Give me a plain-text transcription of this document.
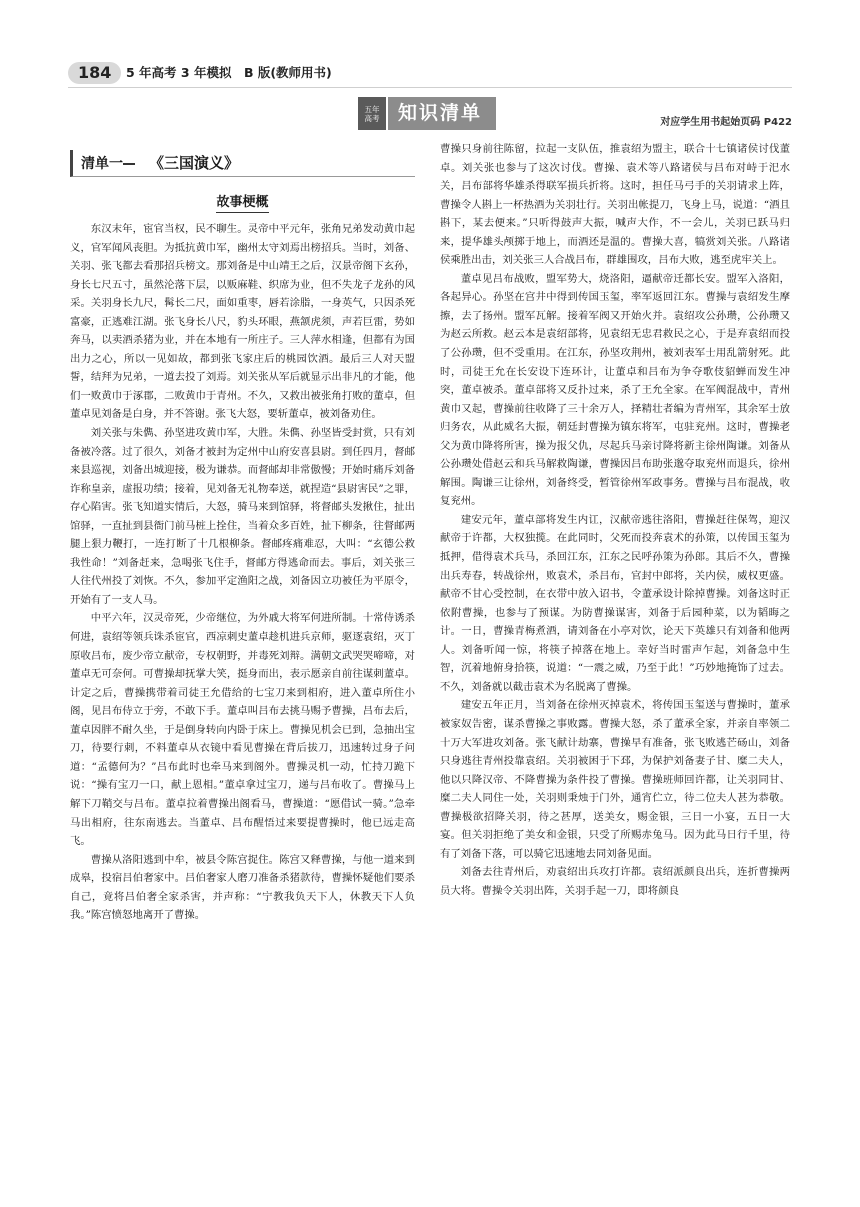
184	5 年高考 3 年模拟　B 版(教师用书)
五年
高考 知识清单	对应学生用书起始页码 P422
清单一 《三国演义》
故事梗概

东汉末年，宦官当权，民不聊生。灵帝中平元年，张角兄弟发动黄巾起义，官军闻风丧胆。为抵抗黄巾军，幽州太守刘焉出榜招兵。当时，刘备、关羽、张飞都去看那招兵榜文。那刘备是中山靖王之后，汉景帝阁下玄孙，身长七尺五寸，虽然沦落下层，以贩麻鞋、织席为业，但不失龙子龙孙的风采。关羽身长九尺，髯长二尺，面如重枣，唇若涂脂，一身英气，只因杀死富豪，正逃难江湖。张飞身长八尺，豹头环眼，燕颔虎须，声若巨雷，势如奔马，以卖酒杀猪为业，并在本地有一所庄子。三人萍水相逢，但都有为国出力之心，所以一见如故，都到张飞家庄后的桃园饮酒。最后三人对天盟誓，结拜为兄弟，一道去投了刘焉。刘关张从军后就显示出非凡的才能，他们一败黄巾于涿郡，二败黄巾于青州。不久，又救出被张角打败的董卓，但董卓见刘备是白身，并不答谢。张飞大怒，要斩董卓，被刘备劝住。

刘关张与朱儁、孙坚进攻黄巾军，大胜。朱儁、孙坚皆受封赏，只有刘备被冷落。过了很久，刘备才被封为定州中山府安喜县尉。到任四月，督邮来县巡视，刘备出城迎接，极为谦恭。而督邮却非常傲慢；开始时痛斥刘备诈称皇亲，虚报功绩；接着，见刘备无礼物奉送，就捏造“县尉害民”之罪，存心陷害。张飞知道实情后，大怒，骑马来到馆驿，将督邮头发揪住，扯出馆驿，一直扯到县衙门前马桩上拴住，当着众多百姓，扯下柳条，往督邮两腿上狠力鞭打，一连打断了十几根柳条。督邮疼痛难忍，大叫：“玄德公救我性命！”刘备赶来，急喝张飞住手，督邮方得逃命而去。事后，刘关张三人往代州投了刘恢。不久，参加平定渔阳之战，刘备因立功被任为平原令，开始有了一支人马。

中平六年，汉灵帝死，少帝继位，为外戚大将军何进所制。十常侍诱杀何进，袁绍等领兵诛杀宦官，西凉刺史董卓趁机进兵京师，驱逐袁绍，灭丁原收吕布，废少帝立献帝，专权朝野，并毒死刘辩。满朝文武哭哭啼啼，对董卓无可奈何。可曹操却抚掌大笑，挺身而出，表示愿亲自前往谋刺董卓。计定之后，曹操携带着司徒王允借给的七宝刀来到相府，进入董卓所住小阁，见吕布侍立于旁，不敢下手。董卓叫吕布去挑马赐予曹操，吕布去后，董卓因胖不耐久坐，于是倒身转向内卧于床上。曹操见机会已到，急抽出宝刀，待要行刺，不料董卓从衣镜中看见曹操在背后拔刀，迅速转过身子问道：“孟德何为？”吕布此时也牵马来到阁外。曹操灵机一动，忙持刀跪下说：“操有宝刀一口，献上恩相。”董卓拿过宝刀，递与吕布收了。曹操马上解下刀鞘交与吕布。董卓拉着曹操出阁看马，曹操道：“愿借试一骑。”急牵马出相府，往东南逃去。当董卓、吕布醒悟过来要提曹操时，他已远走高飞。

曹操从洛阳逃到中牟，被县令陈宫捉住。陈宫又释曹操，与他一道来到成皋，投宿吕伯奢家中。吕伯奢家人磨刀准备杀猪款待，曹操怀疑他们要杀自己，竟将吕伯奢全家杀害，并声称：“宁教我负天下人，休教天下人负我。”陈宫愤怒地离开了曹操。

曹操只身前往陈留，拉起一支队伍，推袁绍为盟主，联合十七镇诸侯讨伐董卓。刘关张也参与了这次讨伐。曹操、袁术等八路诸侯与吕布对峙于汜水关，吕布部将华雄杀得联军损兵折将。这时，担任马弓手的关羽请求上阵，曹操令人斟上一杯热酒为关羽壮行。关羽出帐提刀，飞身上马，说道：“酒且斟下，某去便来。”只听得鼓声大振，喊声大作，不一会儿，关羽已跃马归来，提华雄头颅掷于地上，而酒还是温的。曹操大喜，犒赏刘关张。八路诸侯乘胜出击，刘关张三人合战吕布，群雄围攻，吕布大败，逃至虎牢关上。

董卓见吕布战败，盟军势大，烧洛阳，逼献帝迁都长安。盟军入洛阳，各起异心。孙坚在宫井中得到传国玉玺，率军返回江东。曹操与袁绍发生摩擦，去了扬州。盟军瓦解。接着军阀又开始火并。袁绍攻公孙瓒，公孙瓒又为赵云所救。赵云本是袁绍部将，见袁绍无忠君救民之心，于是弃袁绍而投了公孙瓒，但不受重用。在江东，孙坚攻荆州，被刘表军士用乱箭射死。此时，司徒王允在长安设下连环计，让董卓和吕布为争夺歌伎貂蝉而发生冲突，董卓被杀。董卓部将又反扑过来，杀了王允全家。在军阀混战中，青州黄巾又起，曹操前往收降了三十余万人，择精壮者编为青州军，其余军士放归务农，从此威名大振，朝廷封曹操为镇东将军，屯驻兖州。这时，曹操老父为黄巾降将所害，操为报父仇，尽起兵马亲讨降将新主徐州陶谦。刘备从公孙瓒处借赵云和兵马解救陶谦，曹操因吕布助张邈夺取兖州而退兵，徐州解围。陶谦三让徐州，刘备终受，暂管徐州军政事务。曹操与吕布混战，收复兖州。

建安元年，董卓部将发生内讧，汉献帝逃往洛阳，曹操赶往保驾，迎汉献帝于许都，大权独揽。在此同时，父死而投奔袁术的孙策，以传国玉玺为抵押，借得袁术兵马，杀回江东，江东之民呼孙策为孙郎。其后不久，曹操出兵寿春，转战徐州，败袁术，杀吕布，官封中郎将，关内侯，威权更盛。献帝不甘心受控制，在衣带中放入诏书，令董承设计除掉曹操。刘备这时正依附曹操，也参与了预谋。为防曹操谋害，刘备于后园种菜，以为韬晦之计。一日，曹操青梅煮酒，请刘备在小亭对饮，论天下英雄只有刘备和他两人。刘备听闻一惊，将筷子掉落在地上。幸好当时雷声乍起，刘备急中生智，沉着地俯身拾筷，说道：“一震之威，乃至于此！”巧妙地掩饰了过去。不久，刘备就以截击袁术为名脱离了曹操。

建安五年正月，当刘备在徐州灭掉袁术，将传国玉玺送与曹操时，董承被家奴告密，谋杀曹操之事败露。曹操大怒，杀了董承全家，并亲自率领二十万大军进攻刘备。张飞献计劫寨，曹操早有准备，张飞败逃芒砀山，刘备只身逃往青州投靠袁绍。关羽被困于下邳，为保护刘备妻子甘、糜二夫人，他以只降汉帝、不降曹操为条件投了曹操。曹操班师回许都，让关羽同甘、糜二夫人同住一处，关羽则秉烛于门外，通宵伫立，待二位夫人甚为恭敬。曹操极欲招降关羽，待之甚厚，送美女，赐金银，三日一小宴，五日一大宴。但关羽拒绝了美女和金银，只受了所赐赤兔马。因为此马日行千里，待有了刘备下落，可以骑它迅速地去同刘备见面。

刘备去往青州后，劝袁绍出兵攻打许都。袁绍派颜良出兵，连折曹操两员大将。曹操令关羽出阵，关羽手起一刀，即将颜良
